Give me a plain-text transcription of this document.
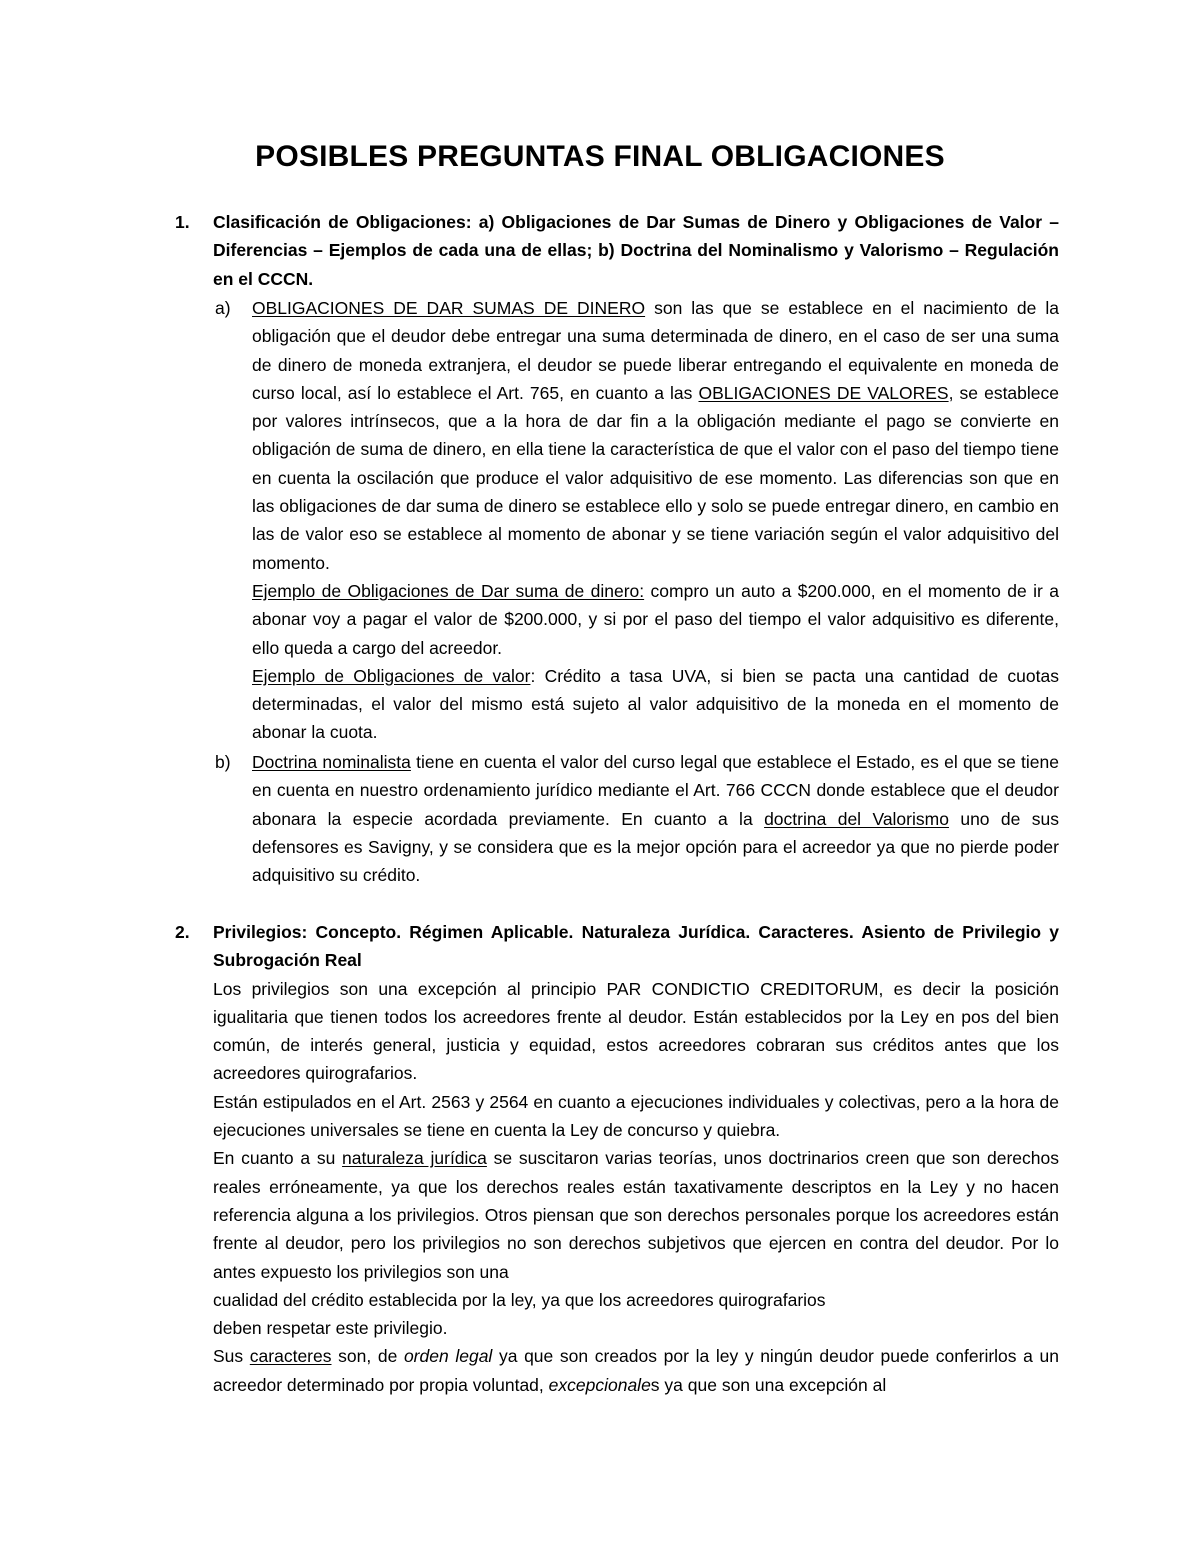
POSIBLES PREGUNTAS FINAL OBLIGACIONES
1. Clasificación de Obligaciones: a) Obligaciones de Dar Sumas de Dinero y Obligaciones de Valor – Diferencias – Ejemplos de cada una de ellas; b) Doctrina del Nominalismo y Valorismo – Regulación en el CCCN.
a) OBLIGACIONES DE DAR SUMAS DE DINERO son las que se establece en el nacimiento de la obligación que el deudor debe entregar una suma determinada de dinero, en el caso de ser una suma de dinero de moneda extranjera, el deudor se puede liberar entregando el equivalente en moneda de curso local, así lo establece el Art. 765, en cuanto a las OBLIGACIONES DE VALORES, se establece por valores intrínsecos, que a la hora de dar fin a la obligación mediante el pago se convierte en obligación de suma de dinero, en ella tiene la característica de que el valor con el paso del tiempo tiene en cuenta la oscilación que produce el valor adquisitivo de ese momento. Las diferencias son que en las obligaciones de dar suma de dinero se establece ello y solo se puede entregar dinero, en cambio en las de valor eso se establece al momento de abonar y se tiene variación según el valor adquisitivo del momento.

Ejemplo de Obligaciones de Dar suma de dinero: compro un auto a $200.000, en el momento de ir a abonar voy a pagar el valor de $200.000, y si por el paso del tiempo el valor adquisitivo es diferente, ello queda a cargo del acreedor.

Ejemplo de Obligaciones de valor: Crédito a tasa UVA, si bien se pacta una cantidad de cuotas determinadas, el valor del mismo está sujeto al valor adquisitivo de la moneda en el momento de abonar la cuota.

b) Doctrina nominalista tiene en cuenta el valor del curso legal que establece el Estado, es el que se tiene en cuenta en nuestro ordenamiento jurídico mediante el Art. 766 CCCN donde establece que el deudor abonara la especie acordada previamente. En cuanto a la doctrina del Valorismo uno de sus defensores es Savigny, y se considera que es la mejor opción para el acreedor ya que no pierde poder adquisitivo su crédito.

2. Privilegios: Concepto. Régimen Aplicable. Naturaleza Jurídica. Caracteres. Asiento de Privilegio y Subrogación Real

Los privilegios son una excepción al principio PAR CONDICTIO CREDITORUM, es decir la posición igualitaria que tienen todos los acreedores frente al deudor. Están establecidos por la Ley en pos del bien común, de interés general, justicia y equidad, estos acreedores cobraran sus créditos antes que los acreedores quirografarios.

Están estipulados en el Art. 2563 y 2564 en cuanto a ejecuciones individuales y colectivas, pero a la hora de ejecuciones universales se tiene en cuenta la Ley de concurso y quiebra.

En cuanto a su naturaleza jurídica se suscitaron varias teorías, unos doctrinarios creen que son derechos reales erróneamente, ya que los derechos reales están taxativamente descriptos en la Ley y no hacen referencia alguna a los privilegios. Otros piensan que son derechos personales porque los acreedores están frente al deudor, pero los privilegios no son derechos subjetivos que ejercen en contra del deudor. Por lo antes expuesto los privilegios son una

cualidad del crédito establecida por la ley, ya que los acreedores quirografarios

deben respetar este privilegio.

Sus caracteres son, de orden legal ya que son creados por la ley y ningún deudor puede conferirlos a un acreedor determinado por propia voluntad, excepcionales ya que son una excepción al
